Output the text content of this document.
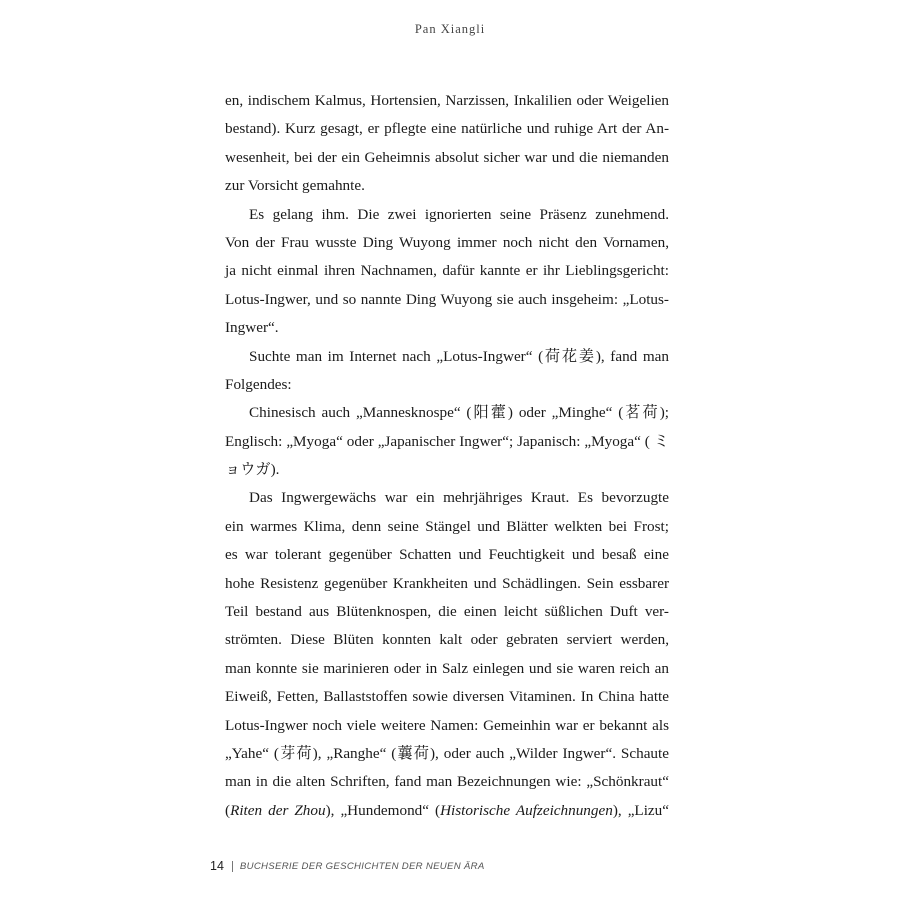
Pan Xiangli
en, indischem Kalmus, Hortensien, Narzissen, Inkalilien oder Weigelien
bestand). Kurz gesagt, er pflegte eine natürliche und ruhige Art der An-
wesenheit, bei der ein Geheimnis absolut sicher war und die niemanden
zur Vorsicht gemahnte.
Es gelang ihm. Die zwei ignorierten seine Präsenz zunehmend.
Von der Frau wusste Ding Wuyong immer noch nicht den Vornamen,
ja nicht einmal ihren Nachnamen, dafür kannte er ihr Lieblingsgericht:
Lotus-Ingwer, und so nannte Ding Wuyong sie auch insgeheim: „Lotus-
Ingwer“.
Suchte man im Internet nach „Lotus-Ingwer“ (荷花姜), fand man
Folgendes:
Chinesisch auch „Mannesknospe“ (阳藿) oder „Minghe“ (茗荷);
Englisch: „Myoga“ oder „Japanischer Ingwer“; Japanisch: „Myoga“ ( ミ
ョウガ).
Das Ingwergewächs war ein mehrjähriges Kraut. Es bevorzugte
ein warmes Klima, denn seine Stängel und Blätter welkten bei Frost;
es war tolerant gegenüber Schatten und Feuchtigkeit und besaß eine
hohe Resistenz gegenüber Krankheiten und Schädlingen. Sein essbarer
Teil bestand aus Blütenknospen, die einen leicht süßlichen Duft ver-
strömten. Diese Blüten konnten kalt oder gebraten serviert werden,
man konnte sie marinieren oder in Salz einlegen und sie waren reich an
Eiweiß, Fetten, Ballaststoffen sowie diversen Vitaminen. In China hatte
Lotus-Ingwer noch viele weitere Namen: Gemeinhin war er bekannt als
„Yahe“ (芽荷), „Ranghe“ (蘘荷), oder auch „Wilder Ingwer“. Schaute
man in die alten Schriften, fand man Bezeichnungen wie: „Schönkraut“
(Riten der Zhou), „Hundemond“ (Historische Aufzeichnungen), „Lizu“
14 BUCHSERIE DER GESCHICHTEN DER NEUEN ÄRA
